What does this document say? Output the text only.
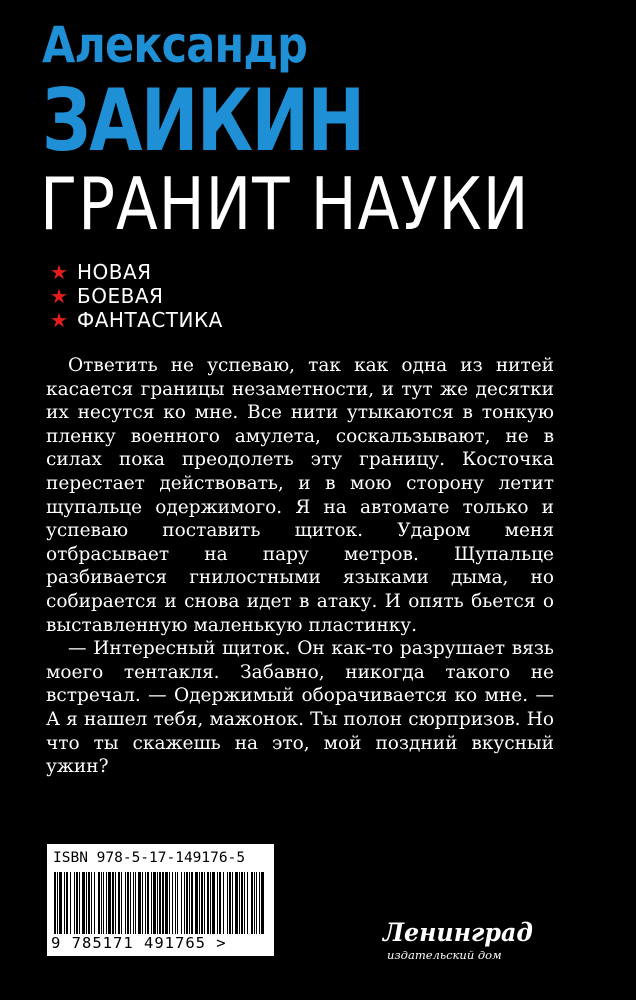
Александр
ЗАИКИН
ГРАНИТ НАУКИ
★ НОВАЯ
★ БОЕВАЯ
★ ФАНТАСТИКА

Ответить не успеваю, так как одна из нитей касается границы незаметности, и тут же десятки их несутся ко мне. Все нити утыкаются в тонкую пленку военного амулета, соскальзывают, не в силах пока преодолеть эту границу. Косточка перестает действовать, и в мою сторону летит щупальце одержимого. Я на автомате только и успеваю поставить щиток. Ударом меня отбрасывает на пару метров. Щупальце разбивается гнилостными языками дыма, но собирается и снова идет в атаку. И опять бьется о выставленную маленькую пластинку.

— Интересный щиток. Он как-то разрушает вязь моего тентакля. Забавно, никогда такого не встречал. — Одержимый оборачивается ко мне. — А я нашел тебя, мажонок. Ты полон сюрпризов. Но что ты скажешь на это, мой поздний вкусный ужин?

ISBN 978-5-17-149176-5
9 785171 491765 >	Ленинград
издательский дом
